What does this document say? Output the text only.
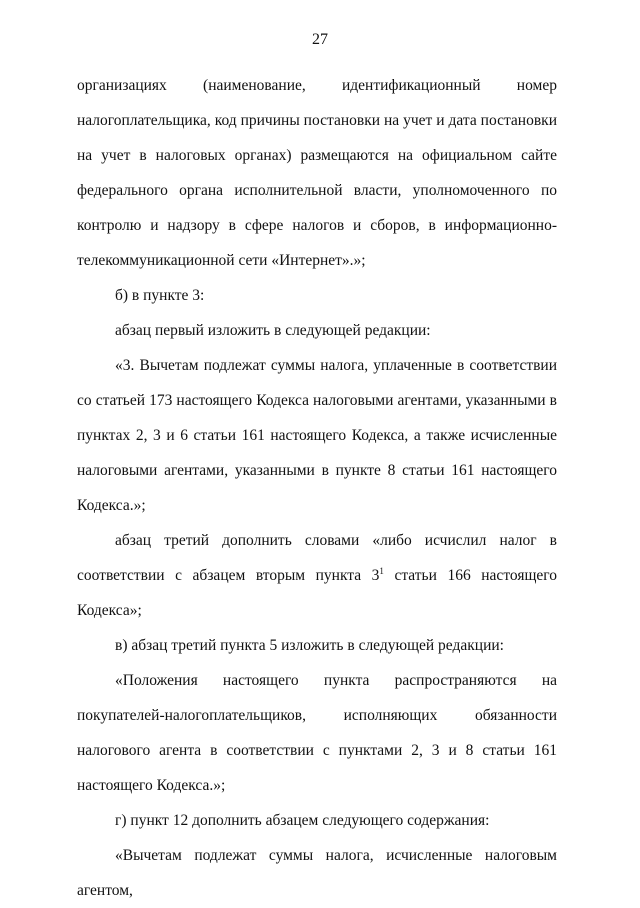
27

организациях (наименование, идентификационный номер налогоплательщика, код причины постановки на учет и дата постановки на учет в налоговых органах) размещаются на официальном сайте федерального органа исполнительной власти, уполномоченного по контролю и надзору в сфере налогов и сборов, в информационно-телекоммуникационной сети «Интернет».»;

б) в пункте 3:

абзац первый изложить в следующей редакции:

«3. Вычетам подлежат суммы налога, уплаченные в соответствии со статьей 173 настоящего Кодекса налоговыми агентами, указанными в пунктах 2, 3 и 6 статьи 161 настоящего Кодекса, а также исчисленные налоговыми агентами, указанными в пункте 8 статьи 161 настоящего Кодекса.»;

абзац третий дополнить словами «либо исчислил налог в соответствии с абзацем вторым пункта $3^1$ статьи 166 настоящего Кодекса»;

в) абзац третий пункта 5 изложить в следующей редакции:

«Положения настоящего пункта распространяются на покупателей-налогоплательщиков, исполняющих обязанности налогового агента в соответствии с пунктами 2, 3 и 8 статьи 161 настоящего Кодекса.»;

г) пункт 12 дополнить абзацем следующего содержания:

«Вычетам подлежат суммы налога, исчисленные налоговым агентом,
